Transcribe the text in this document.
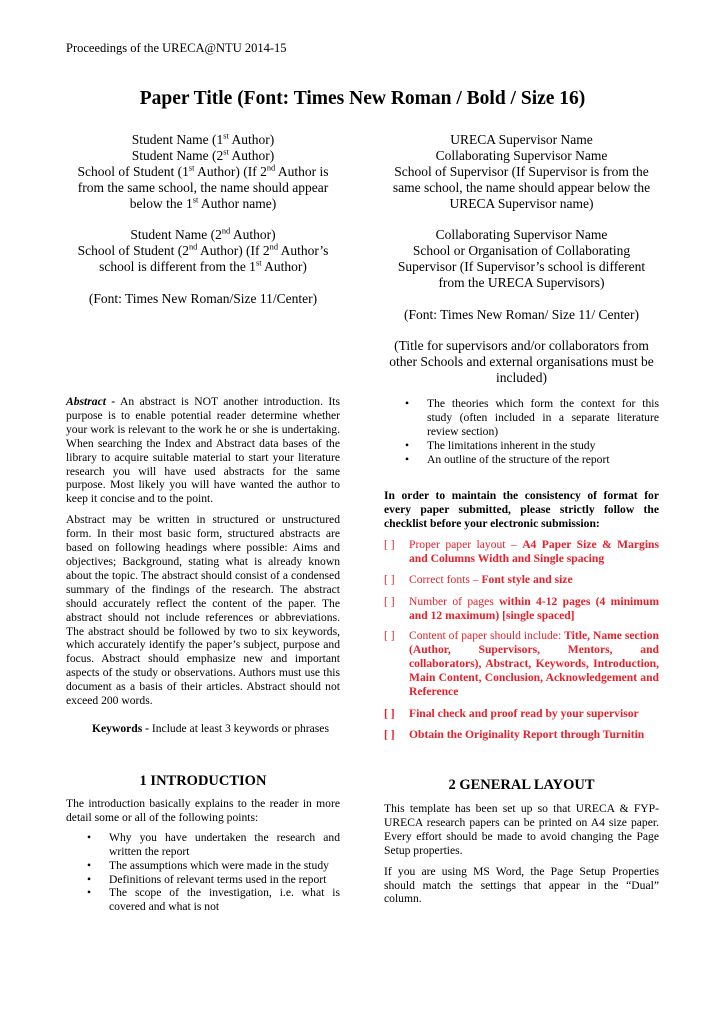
Proceedings of the URECA@NTU 2014-15
Paper Title (Font: Times New Roman / Bold / Size 16)

Student Name (1st Author)

Student Name (2st Author)

School of Student (1st Author) (If 2nd Author is from the same school, the name should appear below the 1st Author name)

Student Name (2nd Author)

School of Student (2nd Author) (If 2nd Author’s school is different from the 1st Author)

(Font: Times New Roman/Size 11/Center)

URECA Supervisor Name

Collaborating Supervisor Name

School of Supervisor (If Supervisor is from the same school, the name should appear below the URECA Supervisor name)

Collaborating Supervisor Name

School or Organisation of Collaborating Supervisor (If Supervisor’s school is different from the URECA Supervisors)

(Font: Times New Roman/ Size 11/ Center)

(Title for supervisors and/or collaborators from other Schools and external organisations must be included)

Abstract - An abstract is NOT another introduction. Its purpose is to enable potential reader determine whether your work is relevant to the work he or she is undertaking. When searching the Index and Abstract data bases of the library to acquire suitable material to start your literature research you will have used abstracts for the same purpose. Most likely you will have wanted the author to keep it concise and to the point.

Abstract may be written in structured or unstructured form. In their most basic form, structured abstracts are based on following headings where possible: Aims and objectives; Background, stating what is already known about the topic. The abstract should consist of a condensed summary of the findings of the research. The abstract should accurately reflect the content of the paper. The abstract should not include references or abbreviations. The abstract should be followed by two to six keywords, which accurately identify the paper’s subject, purpose and focus. Abstract should emphasize new and important aspects of the study or observations. Authors must use this document as a basis of their articles. Abstract should not exceed 200 words.

Keywords - Include at least 3 keywords or phrases

1 INTRODUCTION

The introduction basically explains to the reader in more detail some or all of the following points:

• Why you have undertaken the research and written the report
• The assumptions which were made in the study
• Definitions of relevant terms used in the report
• The scope of the investigation, i.e. what is covered and what is not
• The theories which form the context for this study (often included in a separate literature review section)
• The limitations inherent in the study
• An outline of the structure of the report

In order to maintain the consistency of format for every paper submitted, please strictly follow the checklist before your electronic submission:

[ ] Proper paper layout – A4 Paper Size & Margins and Columns Width and Single spacing
[ ] Correct fonts – Font style and size
[ ] Number of pages within 4-12 pages (4 minimum and 12 maximum) [single spaced]
[ ] Content of paper should include: Title, Name section (Author, Supervisors, Mentors, and collaborators), Abstract, Keywords, Introduction, Main Content, Conclusion, Acknowledgement and Reference
[ ] Final check and proof read by your supervisor
[ ] Obtain the Originality Report through Turnitin
2 GENERAL LAYOUT

This template has been set up so that URECA & FYP-URECA research papers can be printed on A4 size paper. Every effort should be made to avoid changing the Page Setup properties.

If you are using MS Word, the Page Setup Properties should match the settings that appear in the “Dual” column.
